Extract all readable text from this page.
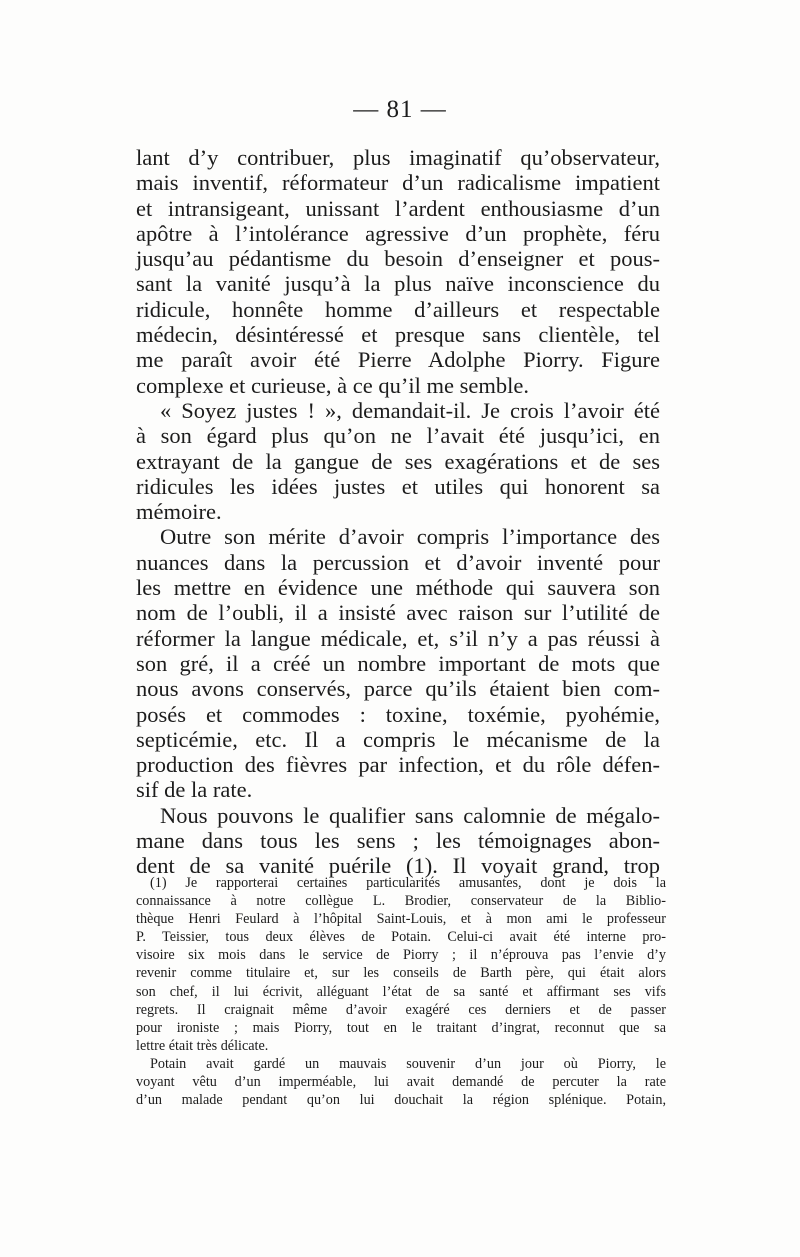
— 81 —
lant d’y contribuer, plus imaginatif qu’observateur,
mais inventif, réformateur d’un radicalisme impatient
et intransigeant, unissant l’ardent enthousiasme d’un
apôtre à l’intolérance agressive d’un prophète, féru
jusqu’au pédantisme du besoin d’enseigner et pous-
sant la vanité jusqu’à la plus naïve inconscience du
ridicule, honnête homme d’ailleurs et respectable
médecin, désintéressé et presque sans clientèle, tel
me paraît avoir été Pierre Adolphe Piorry. Figure
complexe et curieuse, à ce qu’il me semble.
« Soyez justes ! », demandait-il. Je crois l’avoir été
à son égard plus qu’on ne l’avait été jusqu’ici, en
extrayant de la gangue de ses exagérations et de ses
ridicules les idées justes et utiles qui honorent sa
mémoire.
Outre son mérite d’avoir compris l’importance des
nuances dans la percussion et d’avoir inventé pour
les mettre en évidence une méthode qui sauvera son
nom de l’oubli, il a insisté avec raison sur l’utilité de
réformer la langue médicale, et, s’il n’y a pas réussi à
son gré, il a créé un nombre important de mots que
nous avons conservés, parce qu’ils étaient bien com-
posés et commodes : toxine, toxémie, pyohémie,
septicémie, etc. Il a compris le mécanisme de la
production des fièvres par infection, et du rôle défen-
sif de la rate.
Nous pouvons le qualifier sans calomnie de mégalo-
mane dans tous les sens ; les témoignages abon-
dent de sa vanité puérile (1). Il voyait grand, trop
(1) Je rapporterai certaines particularités amusantes, dont je dois la
connaissance à notre collègue L. Brodier, conservateur de la Biblio-
thèque Henri Feulard à l’hôpital Saint-Louis, et à mon ami le professeur
P. Teissier, tous deux élèves de Potain. Celui-ci avait été interne pro-
visoire six mois dans le service de Piorry ; il n’éprouva pas l’envie d’y
revenir comme titulaire et, sur les conseils de Barth père, qui était alors
son chef, il lui écrivit, alléguant l’état de sa santé et affirmant ses vifs
regrets. Il craignait même d’avoir exagéré ces derniers et de passer
pour ironiste ; mais Piorry, tout en le traitant d’ingrat, reconnut que sa
lettre était très délicate.
Potain avait gardé un mauvais souvenir d’un jour où Piorry, le
voyant vêtu d’un imperméable, lui avait demandé de percuter la rate
d’un malade pendant qu’on lui douchait la région splénique. Potain,
